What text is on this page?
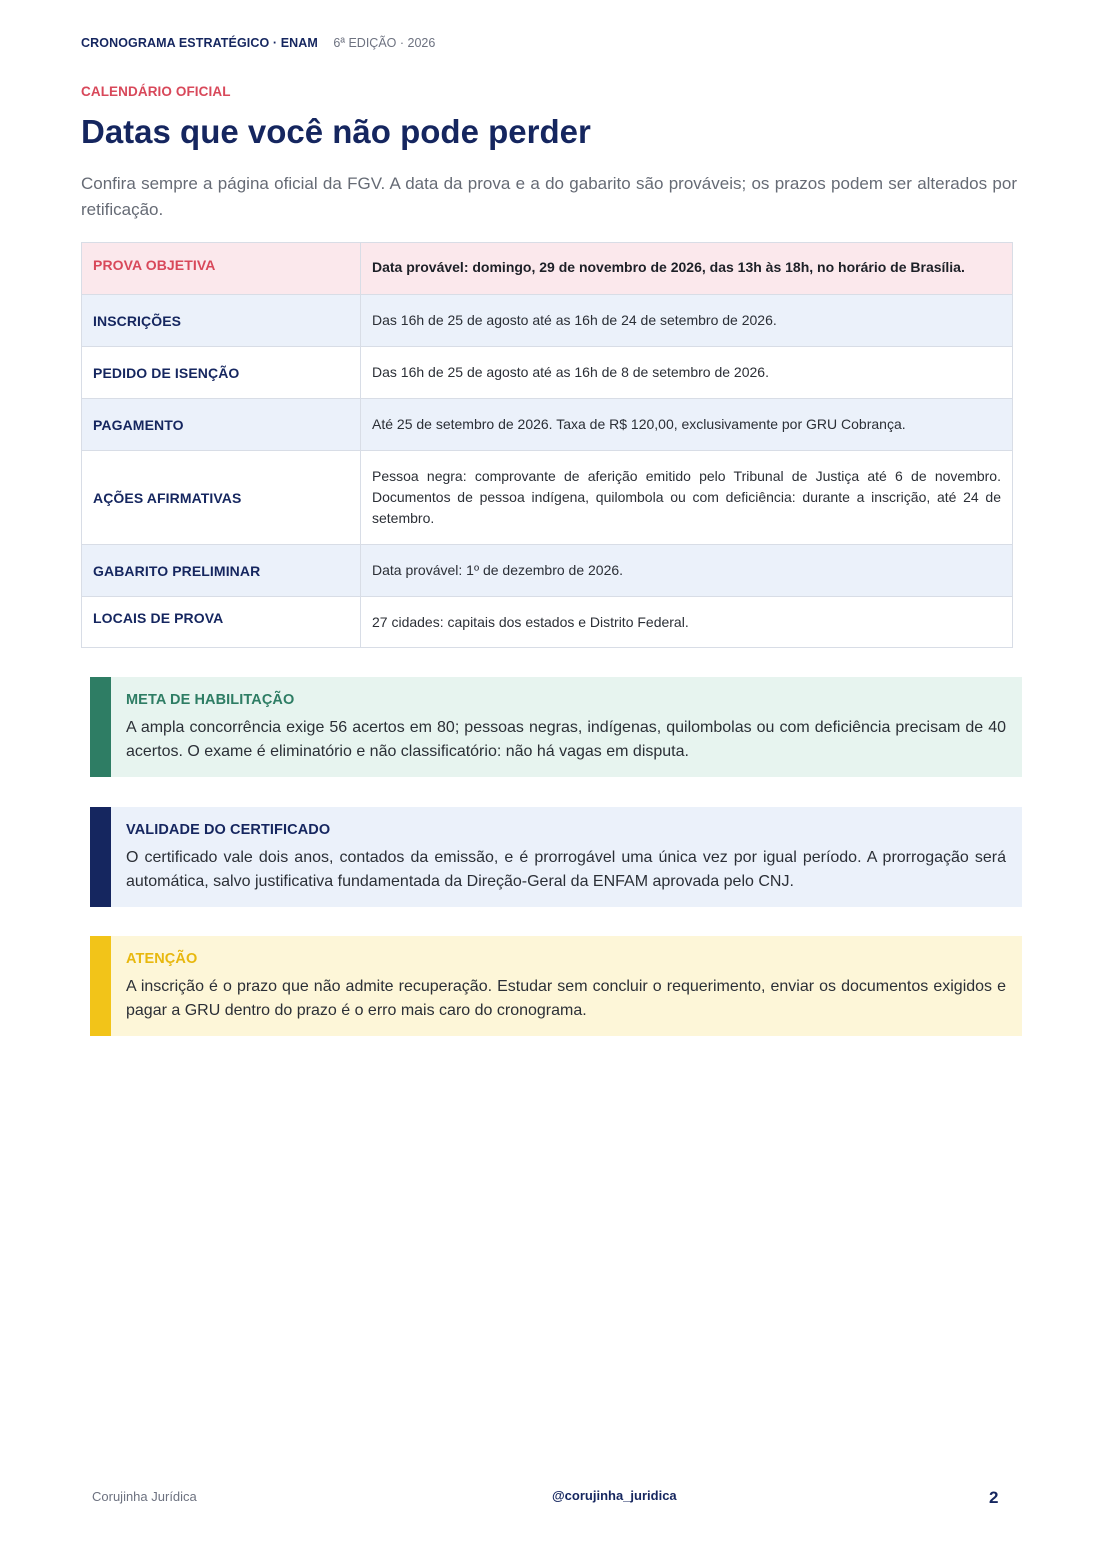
CRONOGRAMA ESTRATÉGICO · ENAM 6ª EDIÇÃO · 2026
CALENDÁRIO OFICIAL
Datas que você não pode perder

Confira sempre a página oficial da FGV. A data da prova e a do gabarito são prováveis; os prazos podem ser alterados por retificação.

PROVA OBJETIVA	Data provável: domingo, 29 de novembro de 2026, das 13h às 18h, no horário de Brasília.
INSCRIÇÕES	Das 16h de 25 de agosto até as 16h de 24 de setembro de 2026.
PEDIDO DE ISENÇÃO	Das 16h de 25 de agosto até as 16h de 8 de setembro de 2026.
PAGAMENTO	Até 25 de setembro de 2026. Taxa de R$ 120,00, exclusivamente por GRU Cobrança.
AÇÕES AFIRMATIVAS	Pessoa negra: comprovante de aferição emitido pelo Tribunal de Justiça até 6 de novembro. Documentos de pessoa indígena, quilombola ou com deficiência: durante a inscrição, até 24 de setembro.
GABARITO PRELIMINAR	Data provável: 1º de dezembro de 2026.
LOCAIS DE PROVA	27 cidades: capitais dos estados e Distrito Federal.
META DE HABILITAÇÃO
A ampla concorrência exige 56 acertos em 80; pessoas negras, indígenas, quilombolas ou com deficiência precisam de 40 acertos. O exame é eliminatório e não classificatório: não há vagas em disputa.
VALIDADE DO CERTIFICADO
O certificado vale dois anos, contados da emissão, e é prorrogável uma única vez por igual período. A prorrogação será automática, salvo justificativa fundamentada da Direção-Geral da ENFAM aprovada pelo CNJ.
ATENÇÃO
A inscrição é o prazo que não admite recuperação. Estudar sem concluir o requerimento, enviar os documentos exigidos e pagar a GRU dentro do prazo é o erro mais caro do cronograma.
Corujinha Jurídica	@corujinha_juridica	2
